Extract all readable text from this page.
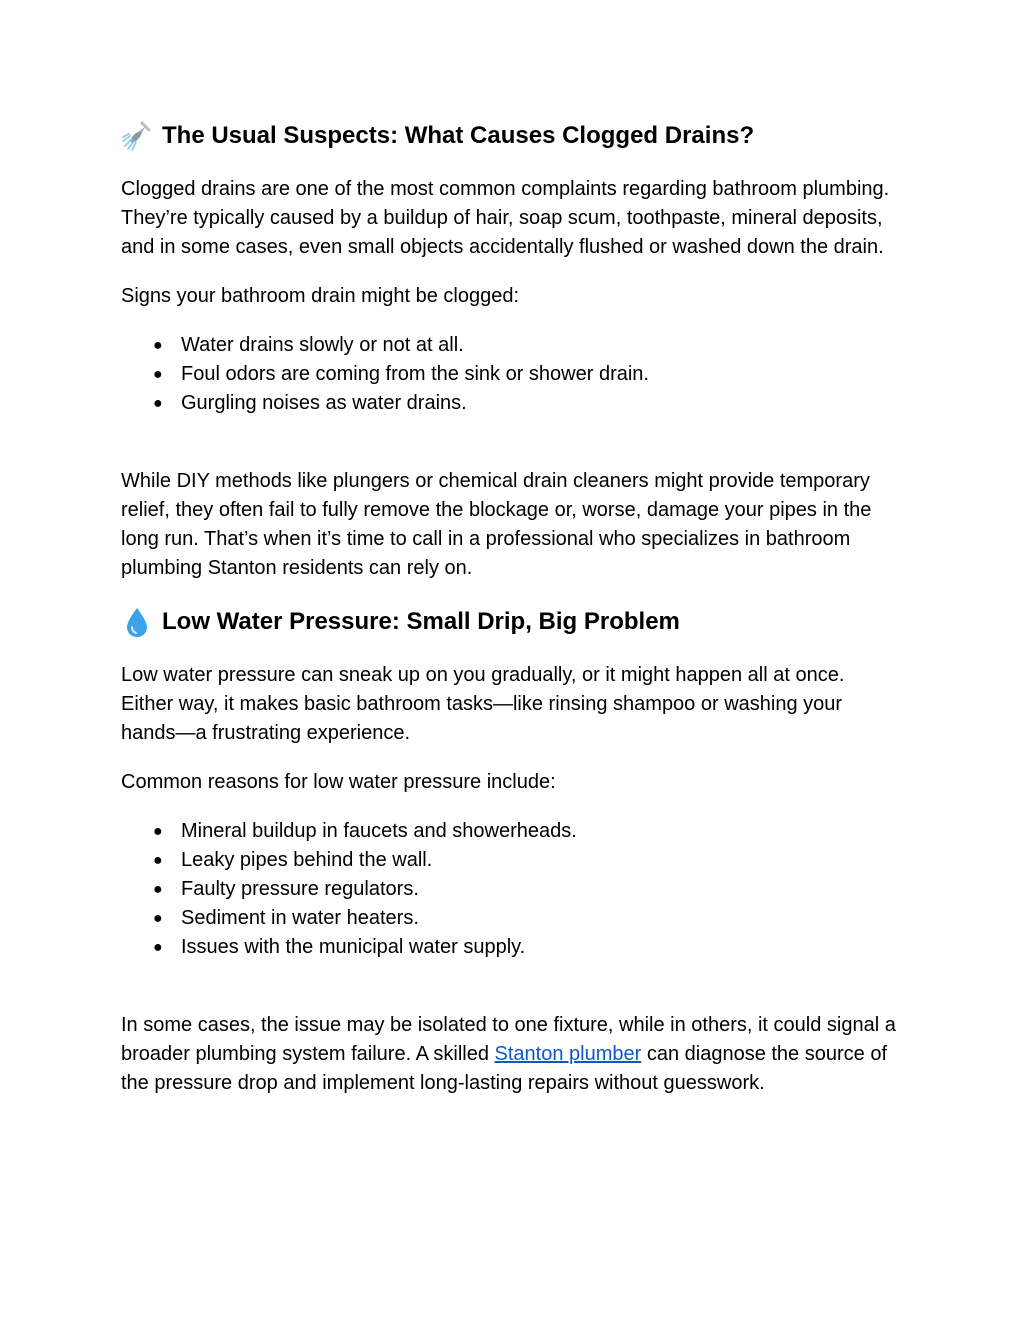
The Usual Suspects: What Causes Clogged Drains?

Clogged drains are one of the most common complaints regarding bathroom plumbing. They’re typically caused by a buildup of hair, soap scum, toothpaste, mineral deposits, and in some cases, even small objects accidentally flushed or washed down the drain.

Signs your bathroom drain might be clogged:

● Water drains slowly or not at all.
● Foul odors are coming from the sink or shower drain.
● Gurgling noises as water drains.

While DIY methods like plungers or chemical drain cleaners might provide temporary relief, they often fail to fully remove the blockage or, worse, damage your pipes in the long run. That’s when it’s time to call in a professional who specializes in bathroom plumbing Stanton residents can rely on.

Low Water Pressure: Small Drip, Big Problem

Low water pressure can sneak up on you gradually, or it might happen all at once. Either way, it makes basic bathroom tasks—like rinsing shampoo or washing your hands—a frustrating experience.

Common reasons for low water pressure include:

● Mineral buildup in faucets and showerheads.
● Leaky pipes behind the wall.
● Faulty pressure regulators.
● Sediment in water heaters.
● Issues with the municipal water supply.

In some cases, the issue may be isolated to one fixture, while in others, it could signal a broader plumbing system failure. A skilled Stanton plumber can diagnose the source of the pressure drop and implement long-lasting repairs without guesswork.
